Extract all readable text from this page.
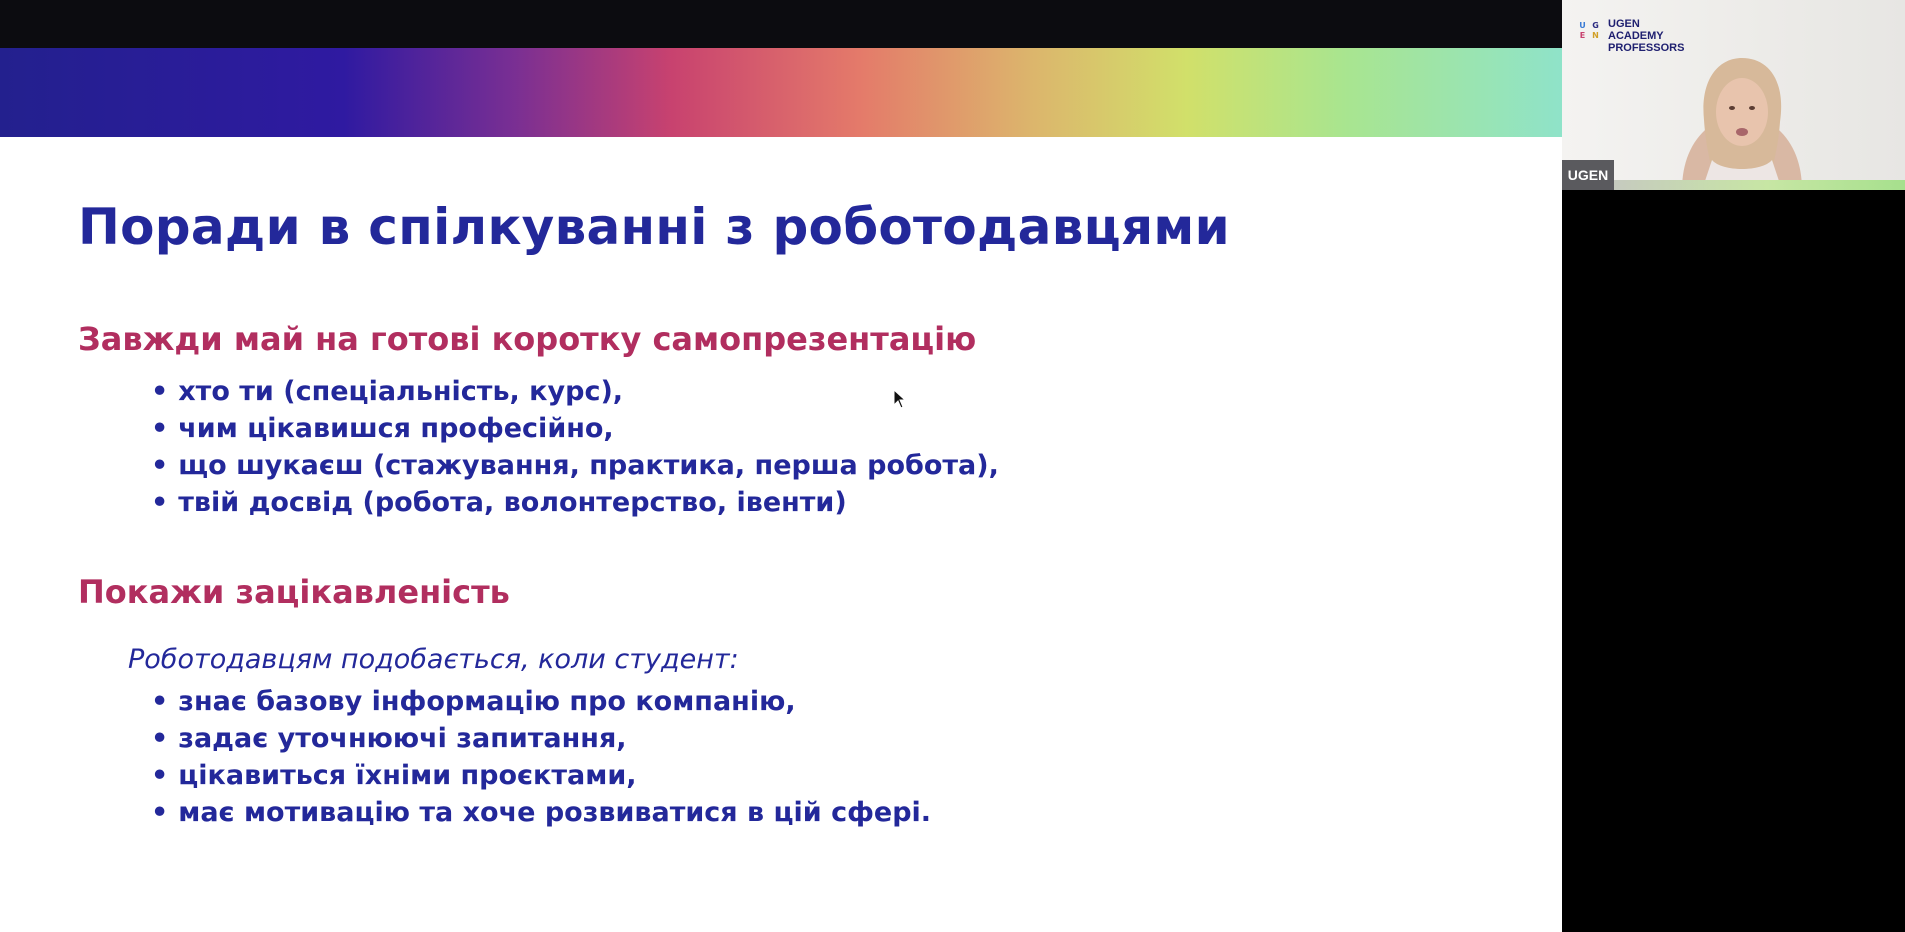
Поради в спілкуванні з роботодавцями
Завжди май на готові коротку самопрезентацію
• хто ти (спеціальність, курс),
• чим цікавишся професійно,
• що шукаєш (стажування, практика, перша робота),
• твій досвід (робота, волонтерство, івенти)
Покажи зацікавленість

Роботодавцям подобається, коли студент:

• знає базову інформацію про компанію,
• задає уточнюючі запитання,
• цікавиться їхніми проєктами,
• має мотивацію та хоче розвиватися в цій сфері.
U G
E N
UGEN
ACADEMY
PROFESSORS
UGEN
